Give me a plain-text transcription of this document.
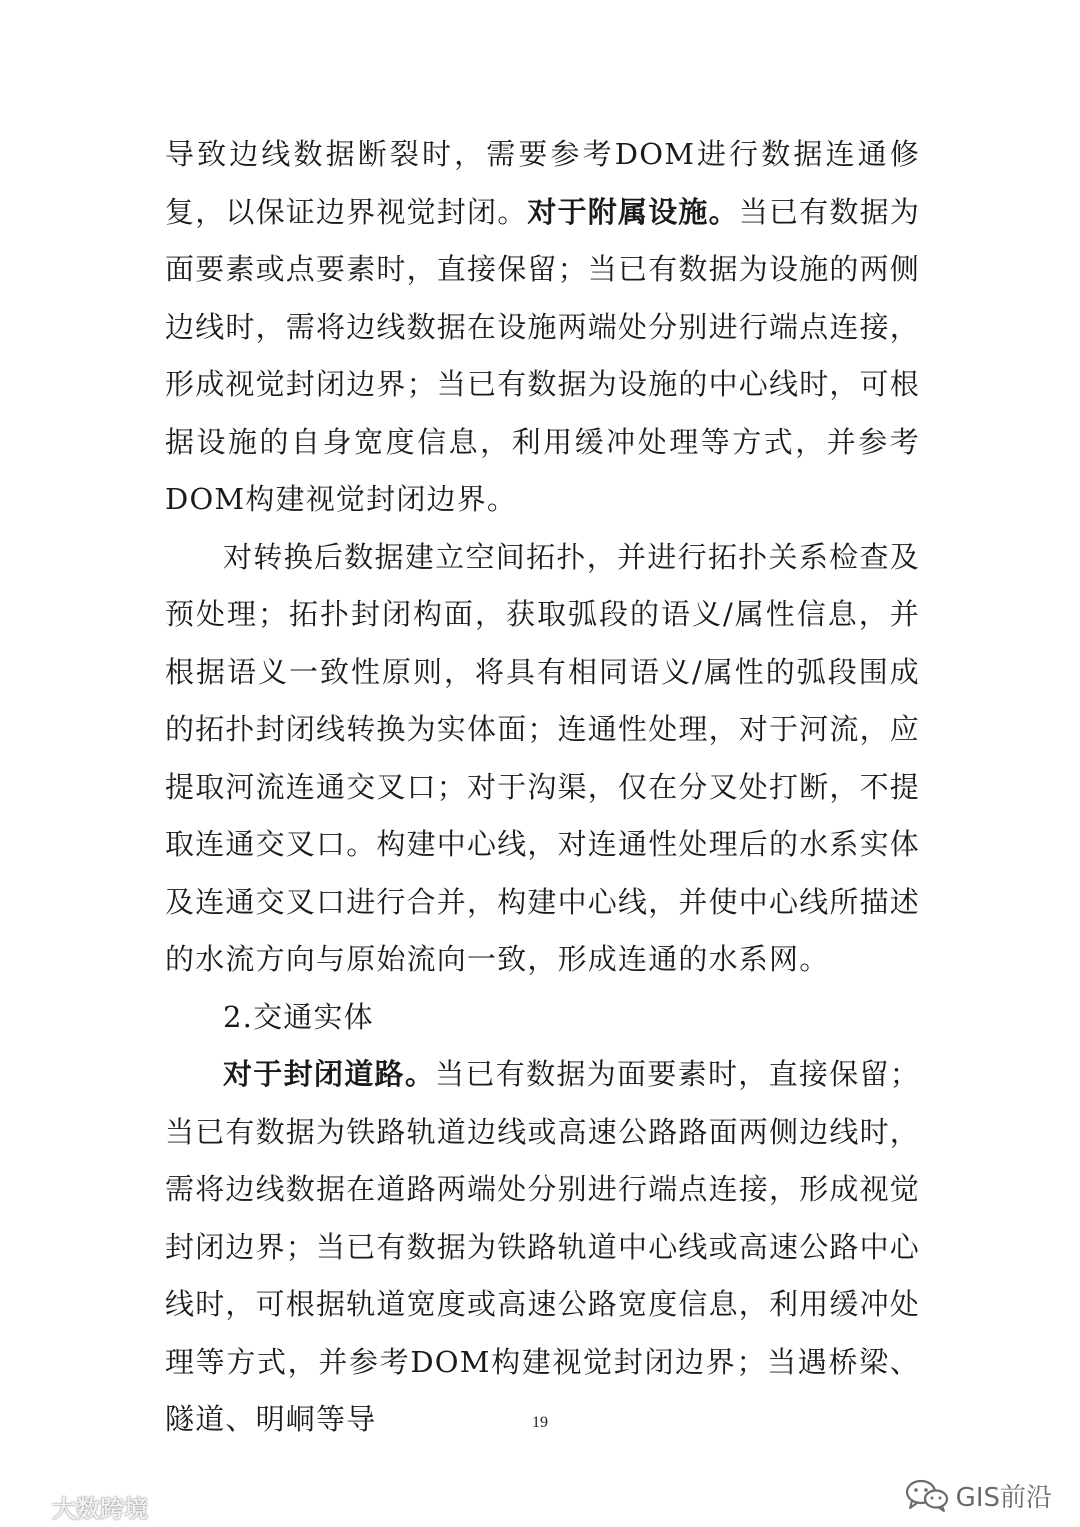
导致边线数据断裂时，需要参考DOM进行数据连通修复，以保证边界视觉封闭。对于附属设施。当已有数据为面要素或点要素时，直接保留；当已有数据为设施的两侧边线时，需将边线数据在设施两端处分别进行端点连接，形成视觉封闭边界；当已有数据为设施的中心线时，可根据设施的自身宽度信息，利用缓冲处理等方式，并参考DOM构建视觉封闭边界。

对转换后数据建立空间拓扑，并进行拓扑关系检查及预处理；拓扑封闭构面，获取弧段的语义/属性信息，并根据语义一致性原则，将具有相同语义/属性的弧段围成的拓扑封闭线转换为实体面；连通性处理，对于河流，应提取河流连通交叉口；对于沟渠，仅在分叉处打断，不提取连通交叉口。构建中心线，对连通性处理后的水系实体及连通交叉口进行合并，构建中心线，并使中心线所描述的水流方向与原始流向一致，形成连通的水系网。

2.交通实体

对于封闭道路。当已有数据为面要素时，直接保留；当已有数据为铁路轨道边线或高速公路路面两侧边线时，需将边线数据在道路两端处分别进行端点连接，形成视觉封闭边界；当已有数据为铁路轨道中心线或高速公路中心线时，可根据轨道宽度或高速公路宽度信息，利用缓冲处理等方式，并参考DOM构建视觉封闭边界；当遇桥梁、隧道、明峒等导	19
大数跨境	GIS前沿
